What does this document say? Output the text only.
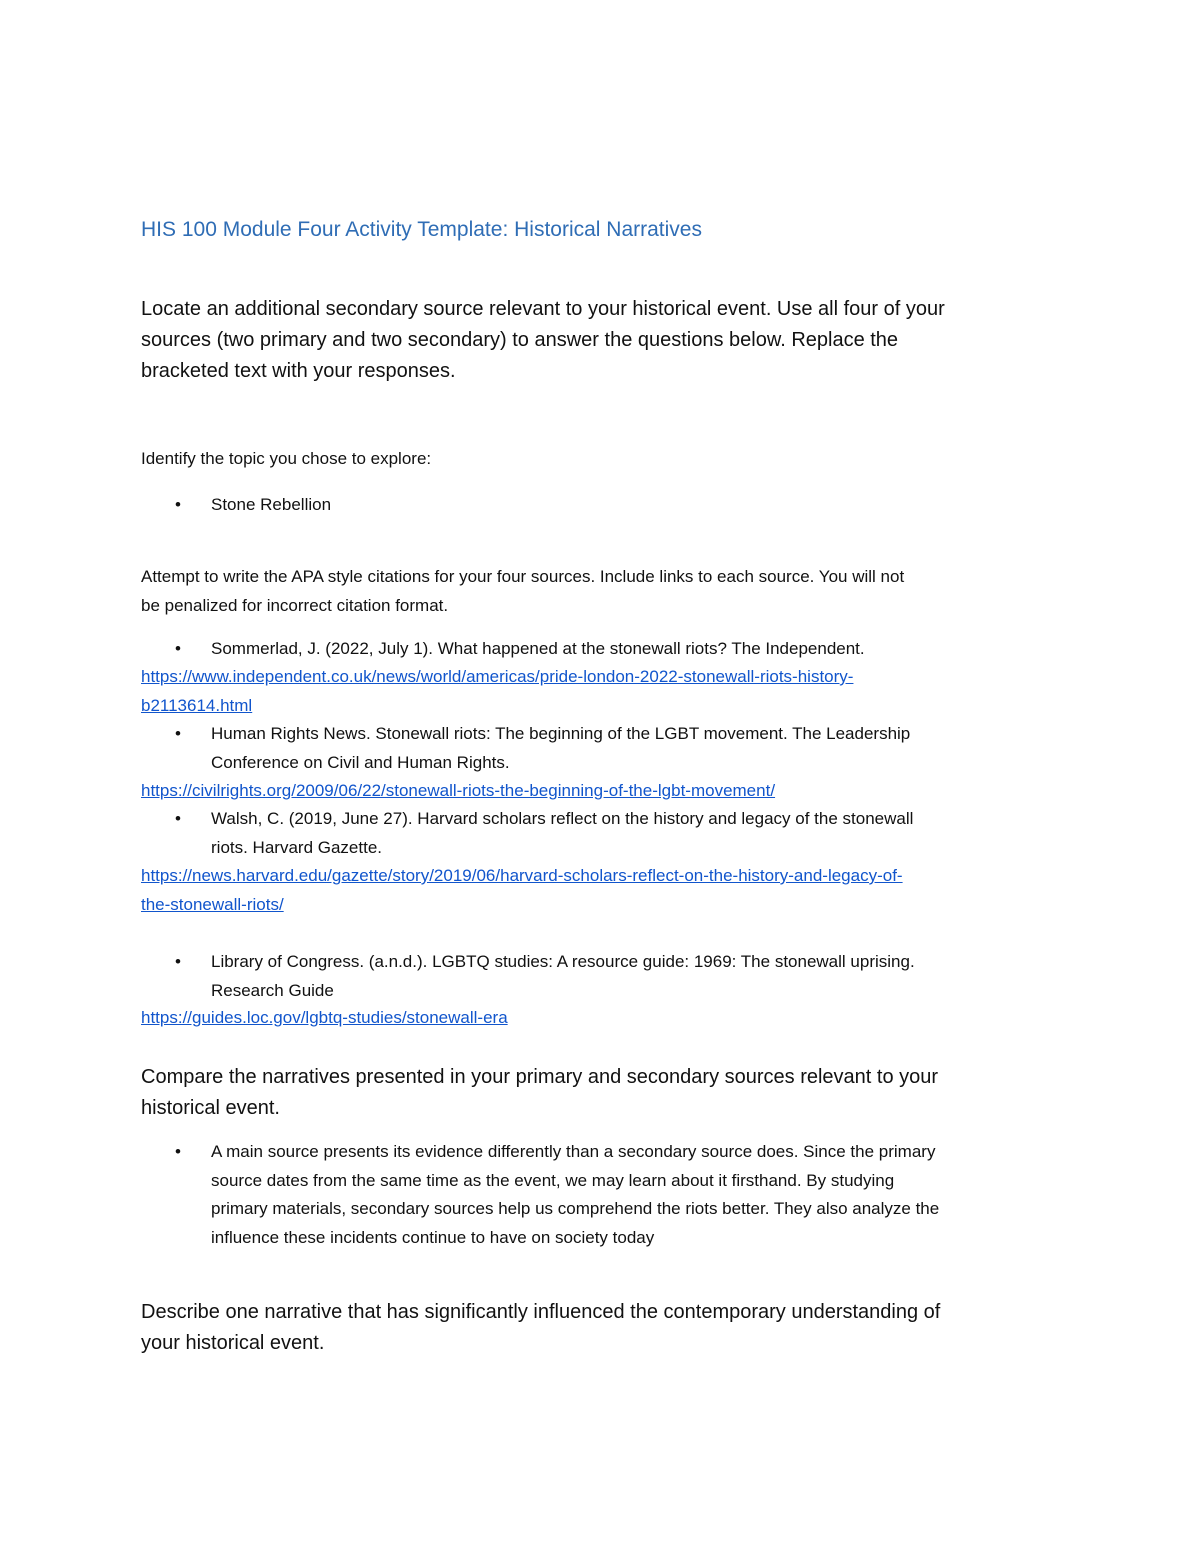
HIS 100 Module Four Activity Template: Historical Narratives
Locate an additional secondary source relevant to your historical event. Use all four of your
sources (two primary and two secondary) to answer the questions below. Replace the
bracketed text with your responses.
Identify the topic you chose to explore:
• Stone Rebellion
Attempt to write the APA style citations for your four sources. Include links to each source. You will not
be penalized for incorrect citation format.
• Sommerlad, J. (2022, July 1). What happened at the stonewall riots? The Independent.
https://www.independent.co.uk/news/world/americas/pride-london-2022-stonewall-riots-history-
b2113614.html
• Human Rights News. Stonewall riots: The beginning of the LGBT movement. The Leadership
Conference on Civil and Human Rights.
https://civilrights.org/2009/06/22/stonewall-riots-the-beginning-of-the-lgbt-movement/
• Walsh, C. (2019, June 27). Harvard scholars reflect on the history and legacy of the stonewall
riots. Harvard Gazette.
https://news.harvard.edu/gazette/story/2019/06/harvard-scholars-reflect-on-the-history-and-legacy-of-
the-stonewall-riots/
• Library of Congress. (a.n.d.). LGBTQ studies: A resource guide: 1969: The stonewall uprising.
Research Guide
https://guides.loc.gov/lgbtq-studies/stonewall-era
Compare the narratives presented in your primary and secondary sources relevant to your
historical event.
• A main source presents its evidence differently than a secondary source does. Since the primary
source dates from the same time as the event, we may learn about it firsthand. By studying
primary materials, secondary sources help us comprehend the riots better. They also analyze the
influence these incidents continue to have on society today
Describe one narrative that has significantly influenced the contemporary understanding of
your historical event.
